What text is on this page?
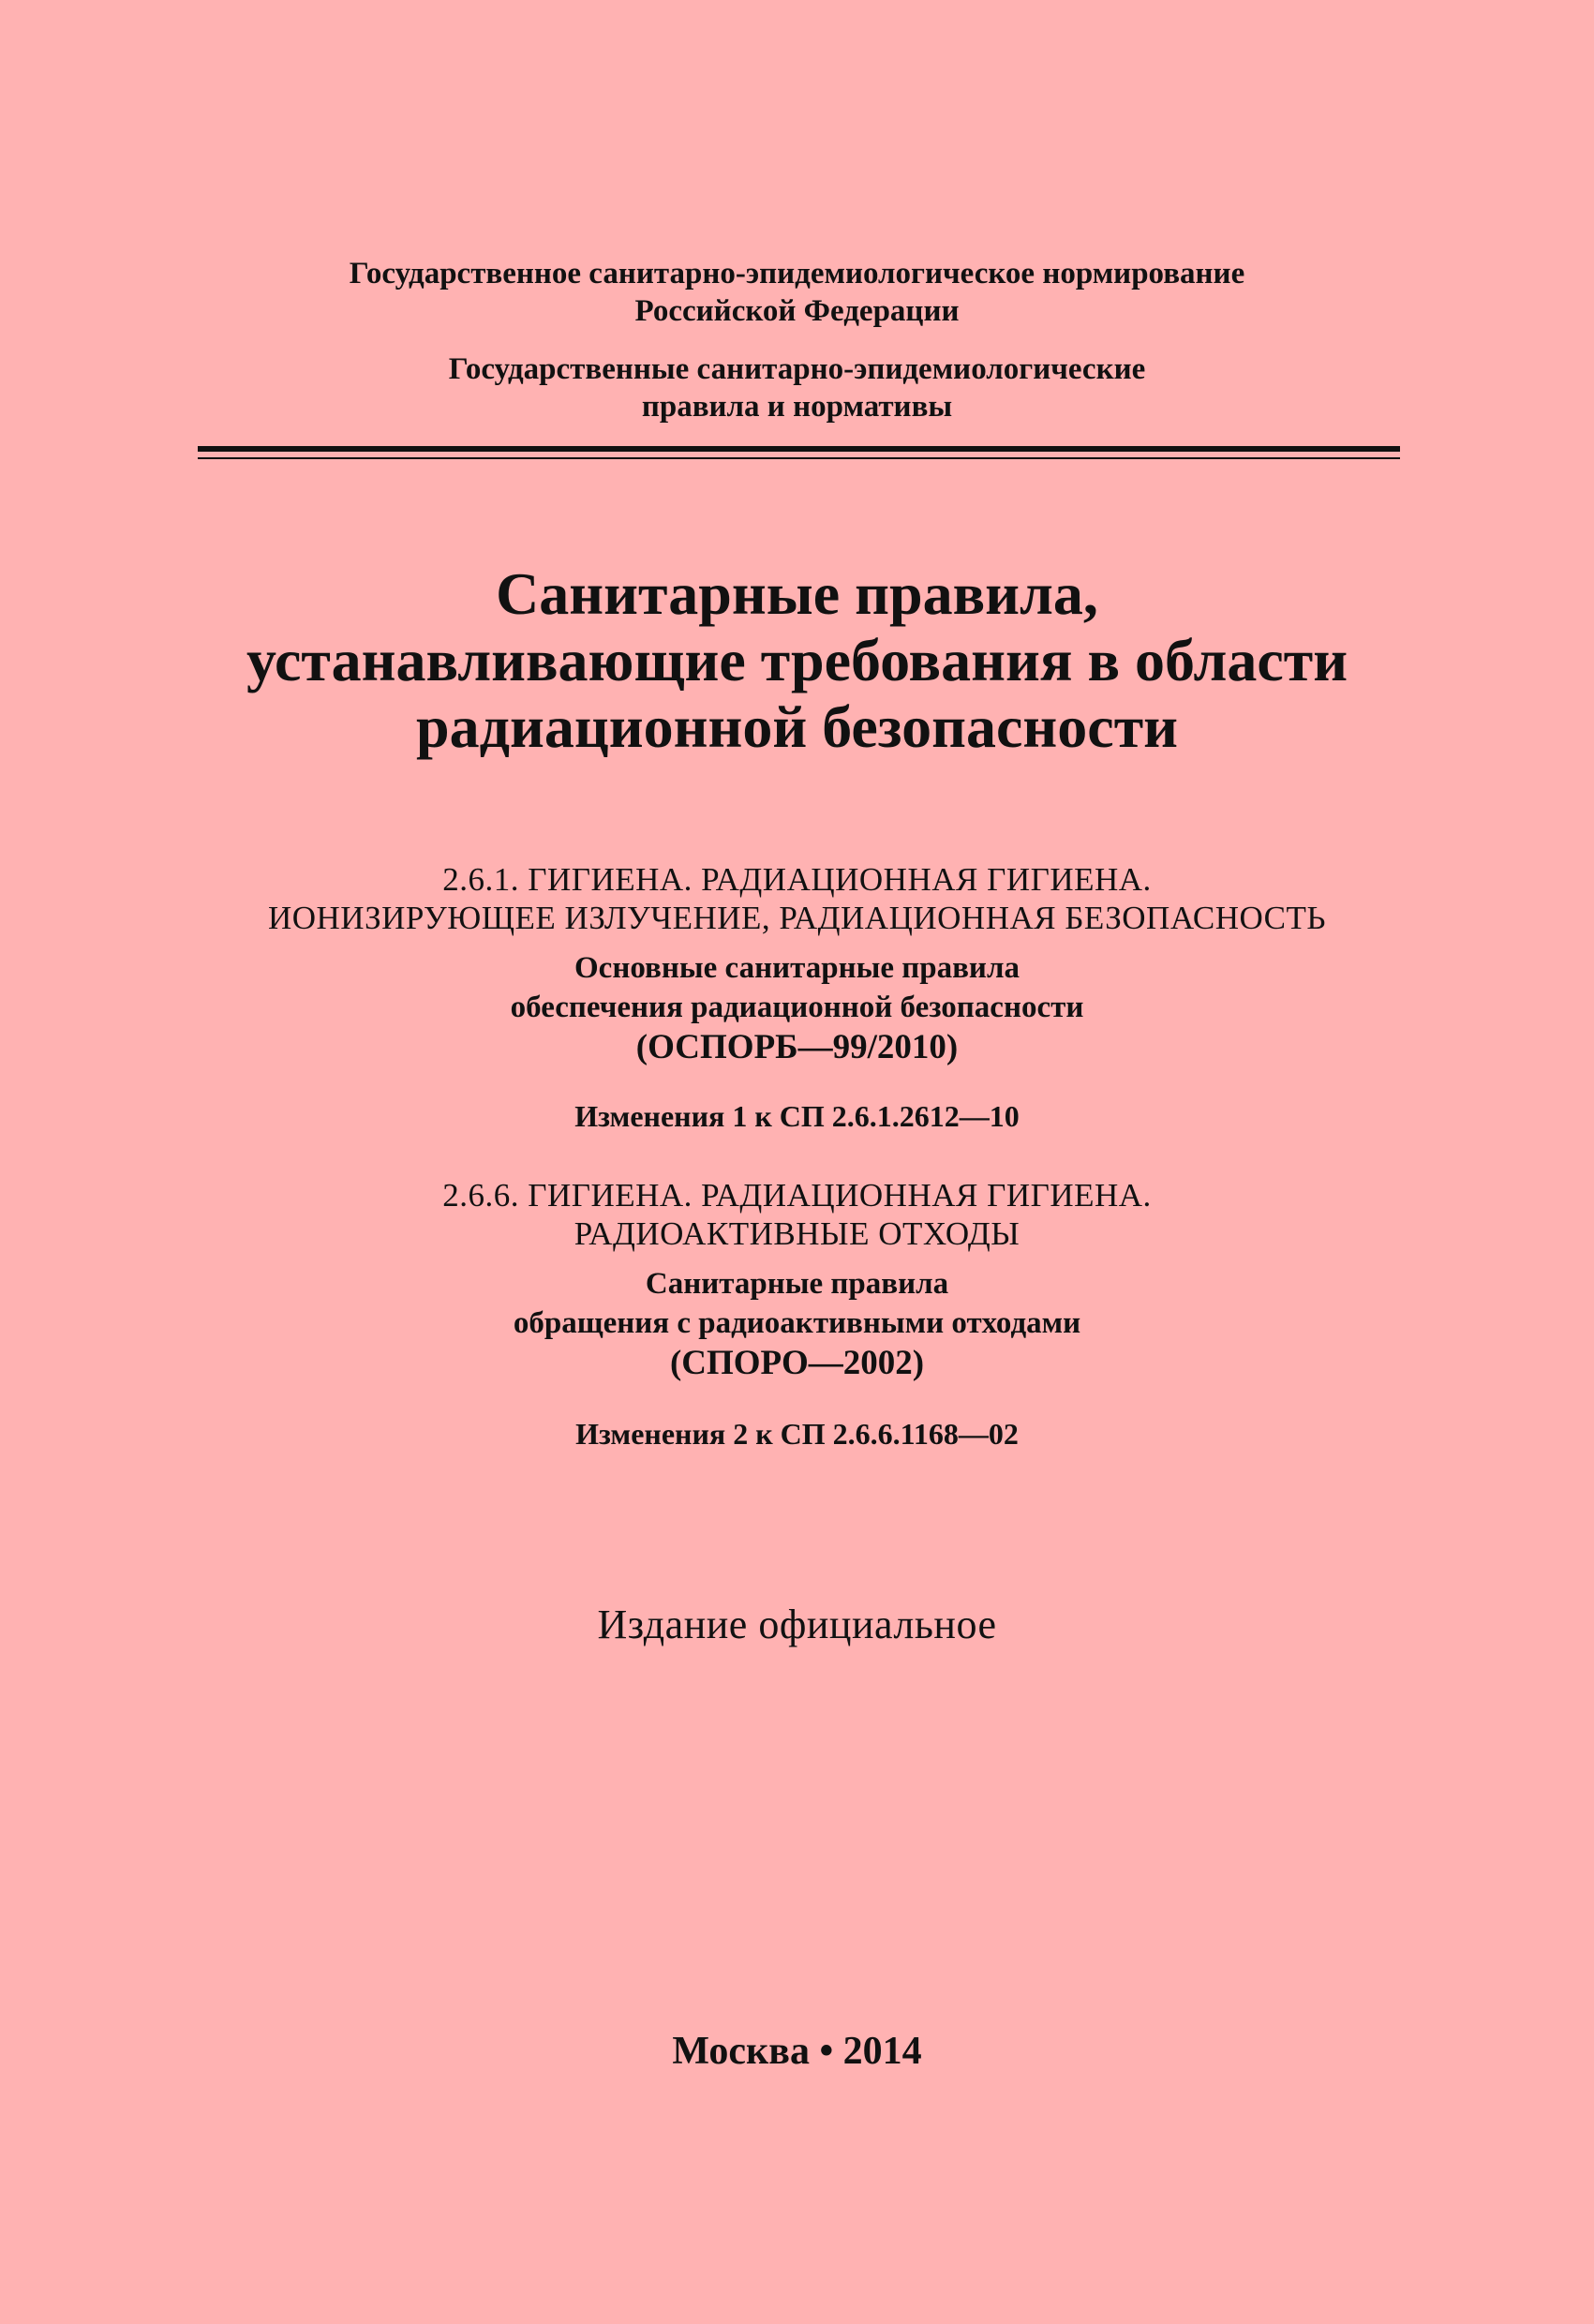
Государственное санитарно-эпидемиологическое нормирование
Российской Федерации
Государственные санитарно-эпидемиологические
правила и нормативы
Санитарные правила,
устанавливающие требования в области
радиационной безопасности
2.6.1. ГИГИЕНА. РАДИАЦИОННАЯ ГИГИЕНА.
ИОНИЗИРУЮЩЕЕ ИЗЛУЧЕНИЕ, РАДИАЦИОННАЯ БЕЗОПАСНОСТЬ
Основные санитарные правила
обеспечения радиационной безопасности
(ОСПОРБ—99/2010)
Изменения 1 к СП 2.6.1.2612—10
2.6.6. ГИГИЕНА. РАДИАЦИОННАЯ ГИГИЕНА.
РАДИОАКТИВНЫЕ ОТХОДЫ
Санитарные правила
обращения с радиоактивными отходами
(СПОРО—2002)
Изменения 2 к СП 2.6.6.1168—02
Издание официальное
Москва • 2014
